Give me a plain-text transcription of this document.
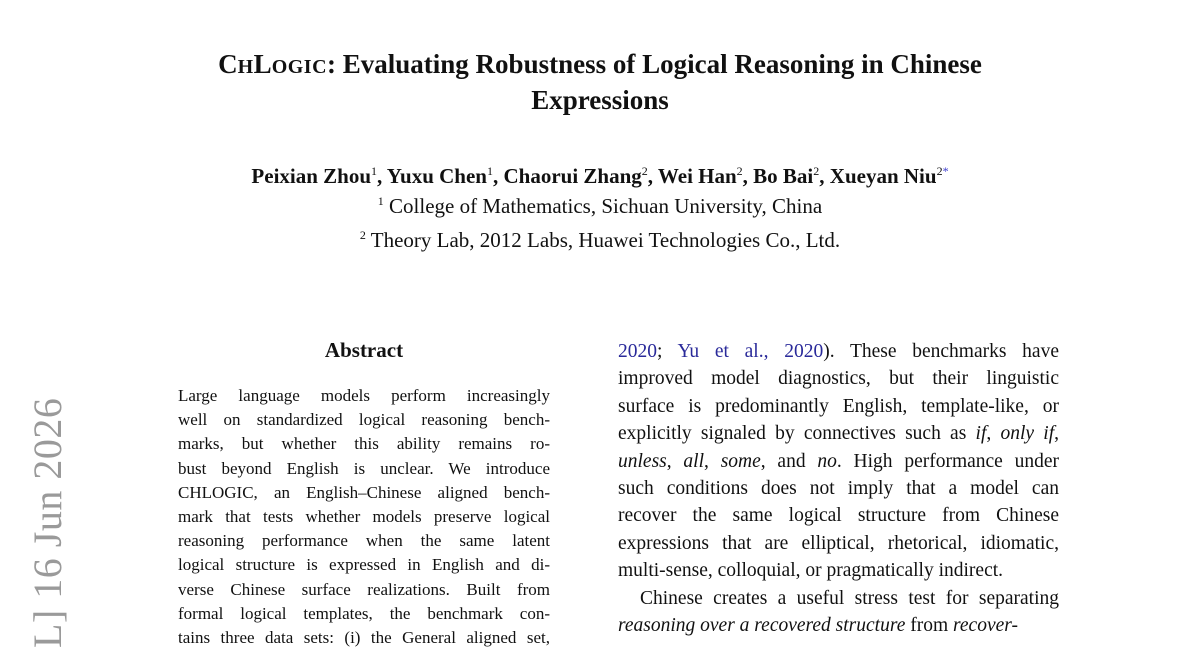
L] 16 Jun 2026
CHLOGIC: Evaluating Robustness of Logical Reasoning in Chinese
Expressions
Peixian Zhou$^1$, Yuxu Chen$^1$, Chaorui Zhang$^2$, Wei Han$^2$, Bo Bai$^2$, Xueyan Niu$^{2*}$
$^1$ College of Mathematics, Sichuan University, China
$^2$ Theory Lab, 2012 Labs, Huawei Technologies Co., Ltd.
Abstract
Large language models perform increasingly
well on standardized logical reasoning bench-
marks, but whether this ability remains ro-
bust beyond English is unclear. We introduce
CHLOGIC, an English–Chinese aligned bench-
mark that tests whether models preserve logical
reasoning performance when the same latent
logical structure is expressed in English and di-
verse Chinese surface realizations. Built from
formal logical templates, the benchmark con-
tains three data sets: (i) the General aligned set,
2020; Yu et al., 2020). These benchmarks have
improved model diagnostics, but their linguistic
surface is predominantly English, template-like, or
explicitly signaled by connectives such as if, only if,
unless, all, some, and no. High performance under
such conditions does not imply that a model can
recover the same logical structure from Chinese
expressions that are elliptical, rhetorical, idiomatic,
multi-sense, colloquial, or pragmatically indirect.
Chinese creates a useful stress test for separating
reasoning over a recovered structure from recover-
